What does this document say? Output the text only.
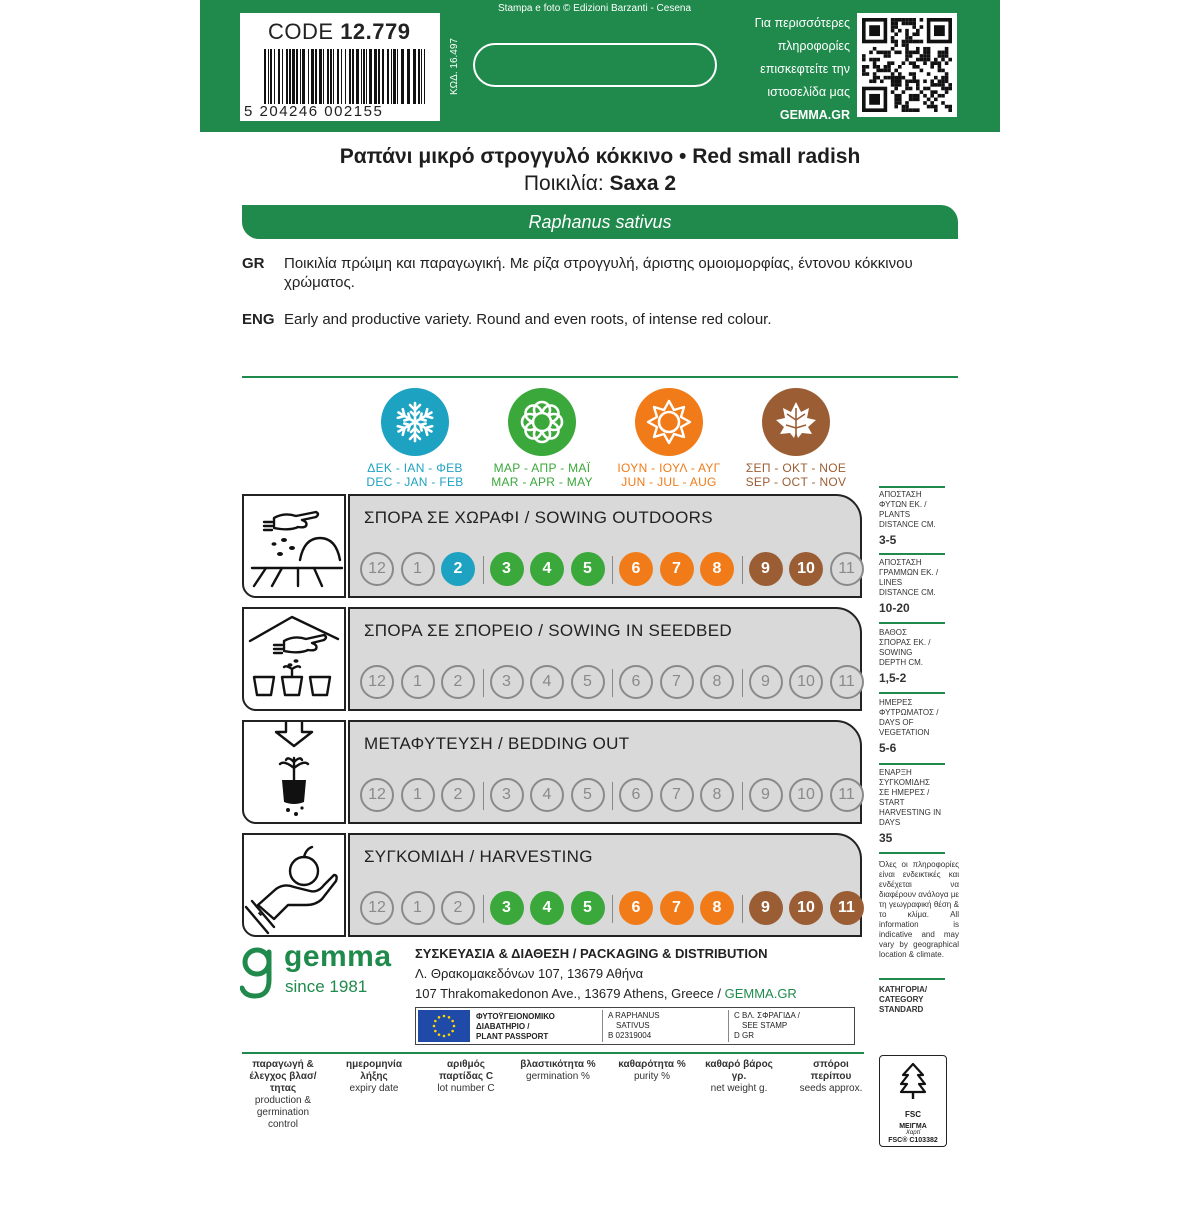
CODE 12.779
5 204246 002155
ΚΩΔ. 16.497
Stampa e foto © Edizioni Barzanti - Cesena
Για περισσότερες
πληροφορίες
επισκεφτείτε την
ιστοσελίδα μας
GEMMA.GR
Ραπάνι μικρό στρογγυλό κόκκινο • Red small radish
Ποικιλία: Saxa 2
Raphanus sativus
GR Ποικιλία πρώιμη και παραγωγική. Με ρίζα στρογγυλή, άριστης ομοιομορφίας, έντονου κόκκινου χρώματος.
ENG Early and productive variety. Round and even roots, of intense red colour.
ΔΕΚ - ΙΑΝ - ΦΕΒ
DEC - JAN - FEB
ΜΑΡ - ΑΠΡ - ΜΑΪ
MAR - APR - MAY
ΙΟΥΝ - ΙΟΥΛ - ΑΥΓ
JUN - JUL - AUG
ΣΕΠ - ΟΚΤ - ΝΟΕ
SEP - OCT - NOV
ΣΠΟΡΑ ΣΕ ΧΩΡΑΦΙ / SOWING OUTDOORS
12	1	2	3	4	5	6	7	8	9	10	11
ΣΠΟΡΑ ΣΕ ΣΠΟΡΕΙΟ / SOWING IN SEEDBED
12	1	2	3	4	5	6	7	8	9	10	11
ΜΕΤΑΦΥΤΕΥΣΗ / BEDDING OUT
12	1	2	3	4	5	6	7	8	9	10	11
ΣΥΓΚΟΜΙΔΗ / HARVESTING
12	1	2	3	4	5	6	7	8	9	10	11
ΑΠΟΣΤΑΣΗ
ΦΥΤΩΝ ΕΚ. /
PLANTS
DISTANCE CM.
3-5
ΑΠΟΣΤΑΣΗ
ΓΡΑΜΜΩΝ ΕΚ. /
LINES
DISTANCE CM.
10-20
ΒΑΘΟΣ
ΣΠΟΡΑΣ ΕΚ. /
SOWING
DEPTH CM.
1,5-2
ΗΜΕΡΕΣ
ΦΥΤΡΩΜΑΤΟΣ /
DAYS OF
VEGETATION
5-6
ΕΝΑΡΞΗ
ΣΥΓΚΟΜΙΔΗΣ
ΣΕ ΗΜΕΡΕΣ /
START HARVESTING IN DAYS
35
Όλες οι πληροφορίες είναι ενδεικτικές και ενδέχεται να διαφέρουν ανάλογα με τη γεωγραφική θέση & το κλίμα. All information is indicative and may vary by geographical location & climate.
ΚΑΤΗΓΟΡΙΑ/
CATEGORY
STANDARD
gemma
since 1981
ΣΥΣΚΕΥΑΣΙΑ & ΔΙΑΘΕΣΗ / PACKAGING & DISTRIBUTION
Λ. Θρακομακεδόνων 107, 13679 Αθήνα
107 Thrakomakedonon Ave., 13679 Athens, Greece / GEMMA.GR
ΦΥΤΟΫΓΕΙΟΝΟΜΙΚΟ
ΔΙΑΒΑΤΗΡΙΟ /
PLANT PASSPORT
A RAPHANUS
SATIVUS
B 02319004
C ΒΛ. ΣΦΡΑΓΙΔΑ /
SEE STAMP
D GR
παραγωγή & έλεγχος βλασ/τητας
production & germination control
ημερομηνία λήξης
expiry date
αριθμός παρτίδας C
lot number C
βλαστικότητα %
germination %
καθαρότητα %
purity %
καθαρό βάρος γρ.
net weight g.
σπόροι περίπου
seeds approx.
FSC
ΜΕΙΓΜΑ
Χαρτί
FSC® C103382
